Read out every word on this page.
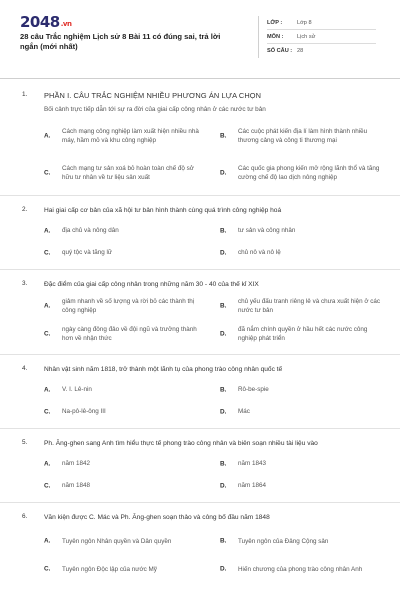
2048.vn
28 câu Trắc nghiệm Lịch sử 8 Bài 11 có đúng sai, trả lời ngắn (mới nhất)
LỚP :	Lớp 8
MÔN :	Lịch sử
SỐ CÂU : 28
1. PHẦN I. CÂU TRẮC NGHIỆM NHIỀU PHƯƠNG ÁN LỰA CHỌN
Bối cảnh trực tiếp dẫn tới sự ra đời của giai cấp công nhân ở các nước tư bản
A.
Cách mạng công nghiệp làm xuất hiện nhiều nhà máy, hầm mỏ và khu công nghiệp
B.
Các cuộc phát kiến địa lí làm hình thành nhiều thương cảng và công ti thương mại
C.
Cách mạng tư sản xoá bỏ hoàn toàn chế độ sở hữu tư nhân về tư liệu sản xuất
D.
Các quốc gia phong kiến mở rộng lãnh thổ và tăng cường chế độ lao dịch nông nghiệp
2.	Hai giai cấp cơ bản của xã hội tư bản hình thành cùng quá trình công nghiệp hoá
A. địa chủ và nông dân	B. tư sản và công nhân
C. quý tộc và tăng lữ	D. chủ nô và nô lệ
3.	Đặc điểm của giai cấp công nhân trong những năm 30 - 40 của thế kỉ XIX
A.
giảm nhanh về số lượng và rời bỏ các thành thị công nghiệp
B.
chủ yếu đấu tranh riêng lẻ và chưa xuất hiện ở các nước tư bản
C.
ngày càng đông đảo về đội ngũ và trưởng thành hơn về nhận thức
D.
đã nắm chính quyền ở hầu hết các nước công nghiệp phát triển
4.	Nhân vật sinh năm 1818, trở thành một lãnh tụ của phong trào công nhân quốc tế
A. V. I. Lê-nin	B. Rô-be-spie
C. Na-pô-lê-ông III	D. Mác
5.	Ph. Ăng-ghen sang Anh tìm hiểu thực tế phong trào công nhân và biên soạn nhiều tài liệu vào
A. năm 1842	B. năm 1843
C. năm 1848	D. năm 1864
6.	Văn kiện được C. Mác và Ph. Ăng-ghen soạn thảo và công bố đầu năm 1848
A. Tuyên ngôn Nhân quyền và Dân quyền	B. Tuyên ngôn của Đảng Cộng sản
C. Tuyên ngôn Độc lập của nước Mỹ	D. Hiến chương của phong trào công nhân Anh
